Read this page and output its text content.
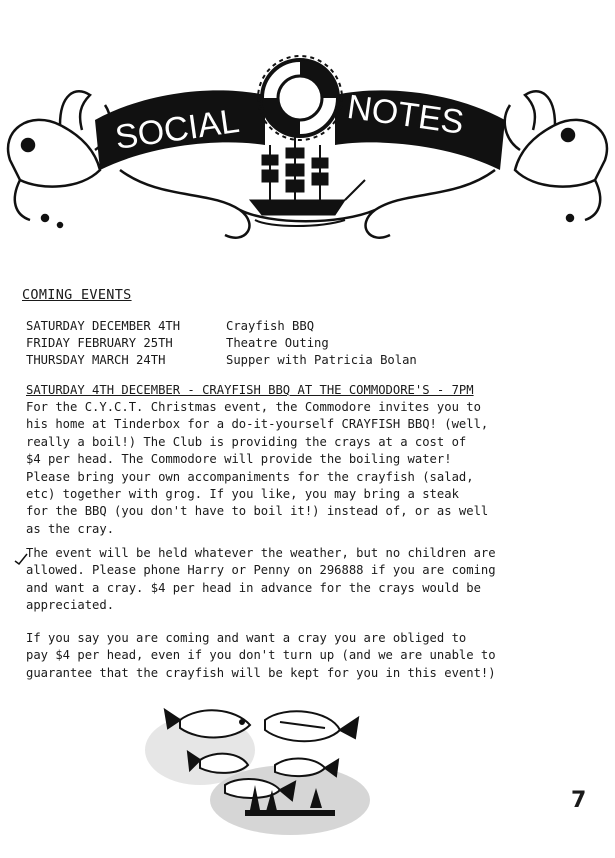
SOCIAL	NOTES
COMING EVENTS
SATURDAY DECEMBER 4TH	Crayfish BBQ
FRIDAY FEBRUARY 25TH	Theatre Outing
THURSDAY MARCH 24TH	Supper with Patricia Bolan
SATURDAY 4TH DECEMBER - CRAYFISH BBQ AT THE COMMODORE'S - 7PM
For the C.Y.C.T. Christmas event, the Commodore invites you to
his home at Tinderbox for a do-it-yourself CRAYFISH BBQ! (well,
really a boil!) The Club is providing the crays at a cost of
$4 per head. The Commodore will provide the boiling water!
Please bring your own accompaniments for the crayfish (salad,
etc) together with grog. If you like, you may bring a steak
for the BBQ (you don't have to boil it!) instead of, or as well
as the cray.
The event will be held whatever the weather, but no children are
allowed. Please phone Harry or Penny on 296888 if you are coming
and want a cray. $4 per head in advance for the crays would be
appreciated.
If you say you are coming and want a cray you are obliged to
pay $4 per head, even if you don't turn up (and we are unable to
guarantee that the crayfish will be kept for you in this event!)
7
